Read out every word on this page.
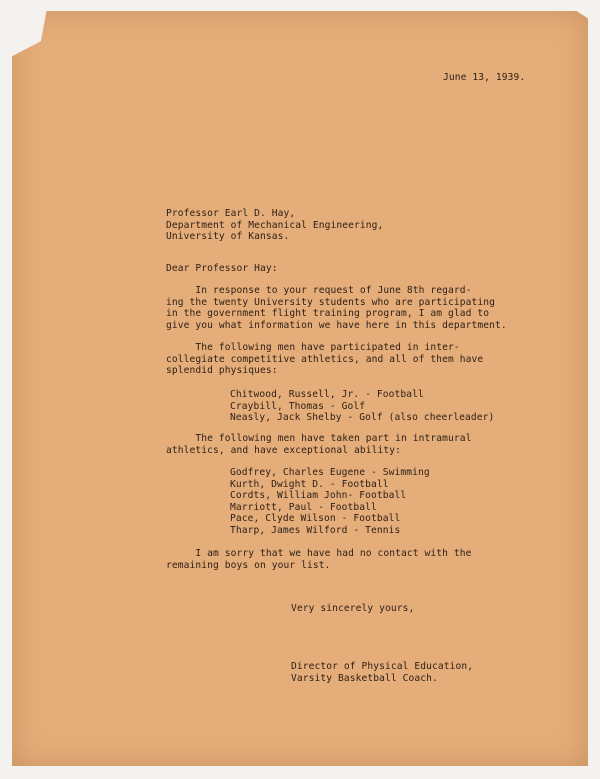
June 13, 1939.

Professor Earl D. Hay,
Department of Mechanical Engineering,
University of Kansas.

Dear Professor Hay:

In response to your request of June 8th regard-
ing the twenty University students who are participating
in the government flight training program, I am glad to
give you what information we have here in this department.

The following men have participated in inter-
collegiate competitive athletics, and all of them have
splendid physiques:

Chitwood, Russell, Jr. - Football
Craybill, Thomas - Golf
Neasly, Jack Shelby - Golf (also cheerleader)

The following men have taken part in intramural
athletics, and have exceptional ability:

Godfrey, Charles Eugene - Swimming
Kurth, Dwight D. - Football
Cordts, William John- Football
Marriott, Paul - Football
Pace, Clyde Wilson - Football
Tharp, James Wilford - Tennis

I am sorry that we have had no contact with the
remaining boys on your list.

Very sincerely yours,

Director of Physical Education,
Varsity Basketball Coach.
